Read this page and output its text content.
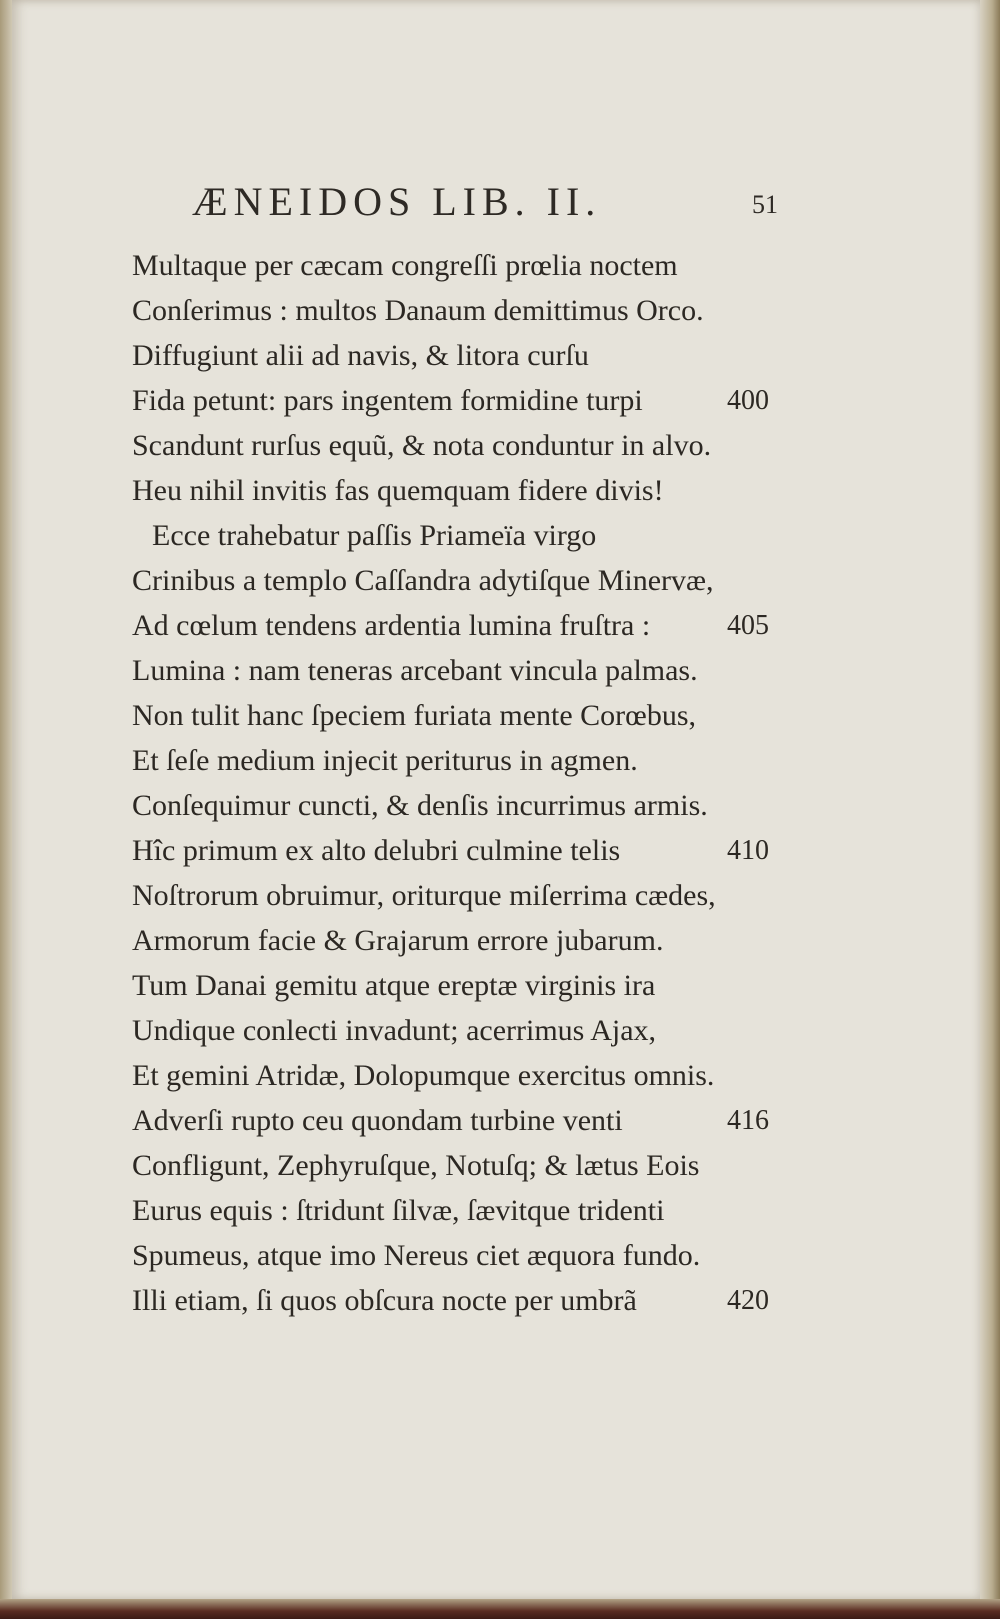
ÆNEIDOS LIB. II.	51
Multaque per cæcam congreſſi prœlia noctem
Conſerimus : multos Danaum demittimus Orco.
Diffugiunt alii ad navis, & litora curſu
Fida petunt: pars ingentem formidine turpi	400
Scandunt rurſus equũ, & nota conduntur in alvo.
Heu nihil invitis fas quemquam fidere divis!
Ecce trahebatur paſſis Priameïa virgo
Crinibus a templo Caſſandra adytiſque Minervæ,
Ad cœlum tendens ardentia lumina fruſtra :	405
Lumina : nam teneras arcebant vincula palmas.
Non tulit hanc ſpeciem furiata mente Corœbus,
Et ſeſe medium injecit periturus in agmen.
Conſequimur cuncti, & denſis incurrimus armis.
Hîc primum ex alto delubri culmine telis	410
Noſtrorum obruimur, oriturque miſerrima cædes,
Armorum facie & Grajarum errore jubarum.
Tum Danai gemitu atque ereptæ virginis ira
Undique conlecti invadunt; acerrimus Ajax,
Et gemini Atridæ, Dolopumque exercitus omnis.
Adverſi rupto ceu quondam turbine venti	416
Confligunt, Zephyruſque, Notuſq; & lætus Eois
Eurus equis : ſtridunt ſilvæ, ſævitque tridenti
Spumeus, atque imo Nereus ciet æquora fundo.
Illi etiam, ſi quos obſcura nocte per umbrã	420
